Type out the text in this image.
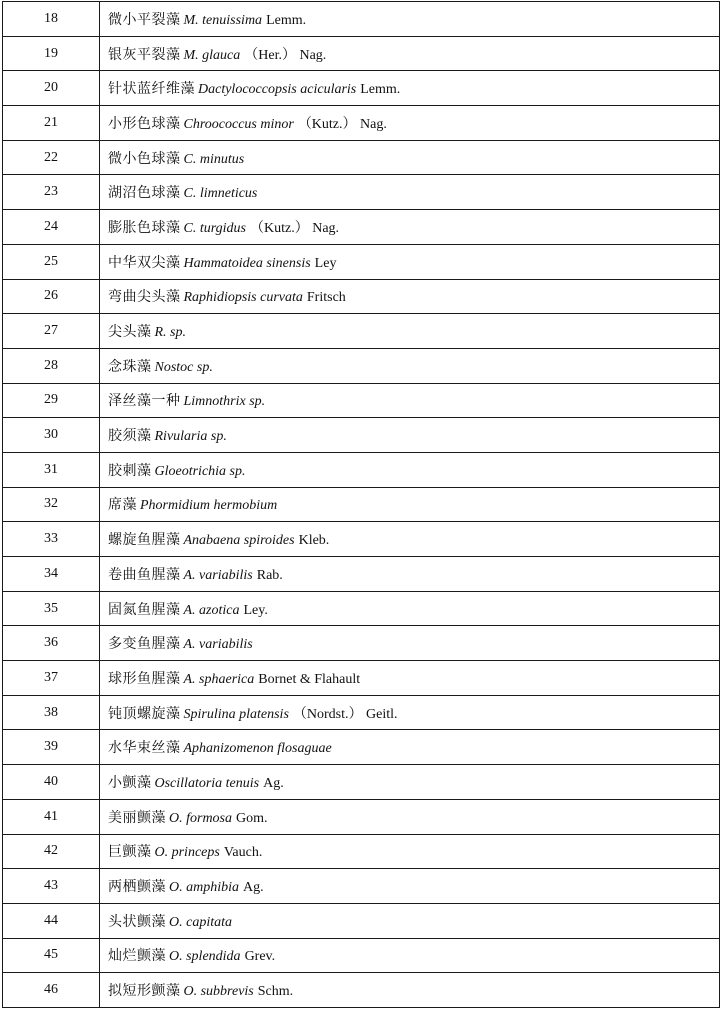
18	微小平裂藻 M. tenuissima Lemm.
19	银灰平裂藻 M. glauca （Her.） Nag.
20	针状蓝纤维藻 Dactylococcopsis acicularis Lemm.
21	小形色球藻 Chroococcus minor （Kutz.） Nag.
22	微小色球藻 C. minutus
23	湖沼色球藻 C. limneticus
24	膨胀色球藻 C. turgidus （Kutz.） Nag.
25	中华双尖藻 Hammatoidea sinensis Ley
26	弯曲尖头藻 Raphidiopsis curvata Fritsch
27	尖头藻 R. sp.
28	念珠藻 Nostoc sp.
29	泽丝藻一种 Limnothrix sp.
30	胶须藻 Rivularia sp.
31	胶刺藻 Gloeotrichia sp.
32	席藻 Phormidium hermobium
33	螺旋鱼腥藻 Anabaena spiroides Kleb.
34	卷曲鱼腥藻 A. variabilis Rab.
35	固氮鱼腥藻 A. azotica Ley.
36	多变鱼腥藻 A. variabilis
37	球形鱼腥藻 A. sphaerica Bornet & Flahault
38	钝顶螺旋藻 Spirulina platensis （Nordst.） Geitl.
39	水华束丝藻 Aphanizomenon flosaguae
40	小颤藻 Oscillatoria tenuis Ag.
41	美丽颤藻 O. formosa Gom.
42	巨颤藻 O. princeps Vauch.
43	两栖颤藻 O. amphibia Ag.
44	头状颤藻 O. capitata
45	灿烂颤藻 O. splendida Grev.
46	拟短形颤藻 O. subbrevis Schm.
